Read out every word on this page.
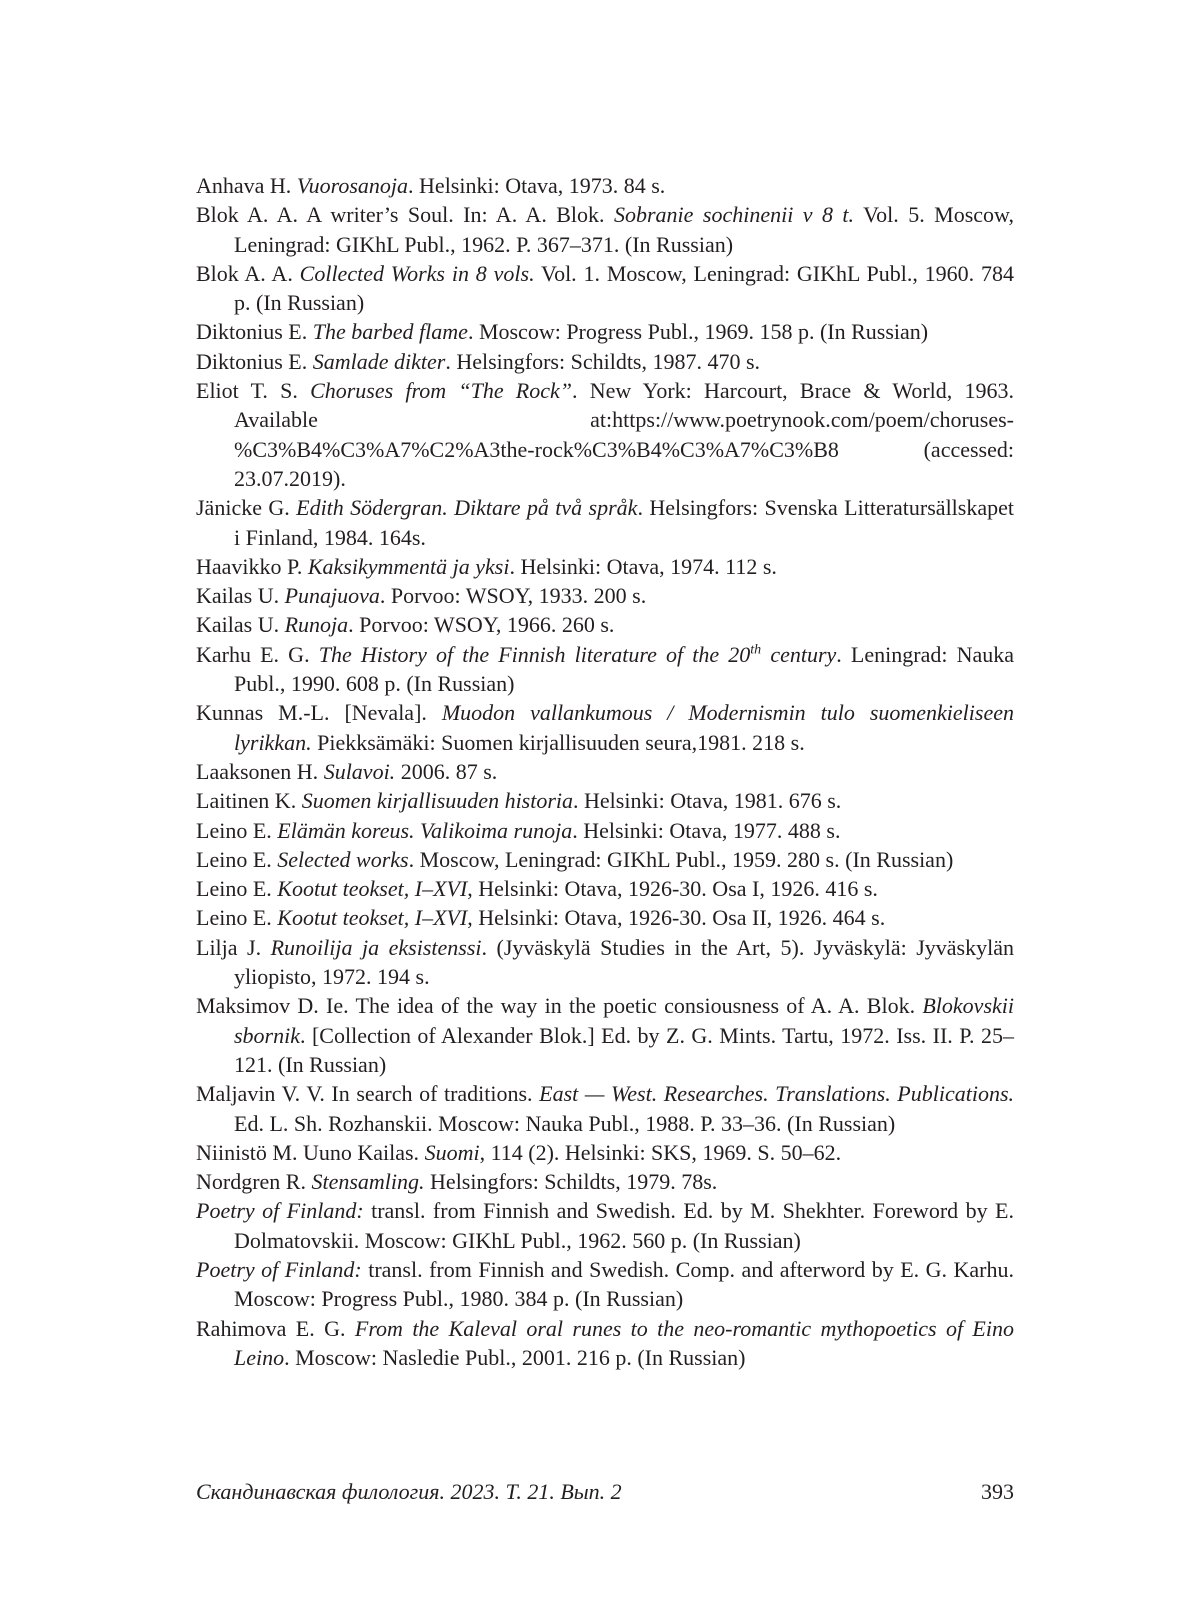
Anhava H. Vuorosanoja. Helsinki: Otava, 1973. 84 s.
Blok A. A. A writer’s Soul. In: A. A. Blok. Sobranie sochinenii v 8 t. Vol. 5. Moscow, Leningrad: GIKhL Publ., 1962. P. 367–371. (In Russian)
Blok A. A. Collected Works in 8 vols. Vol. 1. Moscow, Leningrad: GIKhL Publ., 1960. 784 p. (In Russian)
Diktonius E. The barbed flame. Moscow: Progress Publ., 1969. 158 p. (In Russian)
Diktonius E. Samlade dikter. Helsingfors: Schildts, 1987. 470 s.
Eliot T. S. Choruses from “The Rock”. New York: Harcourt, Brace & World, 1963. Available at:https://www.poetrynook.com/poem/choruses-%C3%B4%C3%A7%C2%A3the-rock%C3%B4%C3%A7%C3%B8 (accessed: 23.07.2019).
Jänicke G. Edith Södergran. Diktare på två språk. Helsingfors: Svenska Litteratursällskapet i Finland, 1984. 164s.
Haavikko P. Kaksikymmentä ja yksi. Helsinki: Otava, 1974. 112 s.
Kailas U. Punajuova. Porvoo: WSOY, 1933. 200 s.
Kailas U. Runoja. Porvoo: WSOY, 1966. 260 s.
Karhu E. G. The History of the Finnish literature of the 20th century. Leningrad: Nauka Publ., 1990. 608 p. (In Russian)
Kunnas M.-L. [Nevala]. Muodon vallankumous / Modernismin tulo suomenkieliseen lyrikkan. Piekksämäki: Suomen kirjallisuuden seura,1981. 218 s.
Laaksonen H. Sulavoi. 2006. 87 s.
Laitinen K. Suomen kirjallisuuden historia. Helsinki: Otava, 1981. 676 s.
Leino E. Elämän koreus. Valikoima runoja. Helsinki: Otava, 1977. 488 s.
Leino E. Selected works. Moscow, Leningrad: GIKhL Publ., 1959. 280 s. (In Russian)
Leino E. Kootut teokset, I–XVI, Helsinki: Otava, 1926-30. Osa I, 1926. 416 s.
Leino E. Kootut teokset, I–XVI, Helsinki: Otava, 1926-30. Osa II, 1926. 464 s.
Lilja J. Runoilija ja eksistenssi. (Jyväskylä Studies in the Art, 5). Jyväskylä: Jyväskylän yliopisto, 1972. 194 s.
Maksimov D. Ie. The idea of the way in the poetic consiousness of A. A. Blok. Blokovskii sbornik. [Collection of Alexander Blok.] Ed. by Z. G. Mints. Tartu, 1972. Iss. II. P. 25–121. (In Russian)
Maljavin V. V. In search of traditions. East — West. Researches. Translations. Publications. Ed. L. Sh. Rozhanskii. Moscow: Nauka Publ., 1988. P. 33–36. (In Russian)
Niinistö M. Uuno Kailas. Suomi, 114 (2). Helsinki: SKS, 1969. S. 50–62.
Nordgren R. Stensamling. Helsingfors: Schildts, 1979. 78s.
Poetry of Finland: transl. from Finnish and Swedish. Ed. by M. Shekhter. Foreword by E. Dolmatovskii. Moscow: GIKhL Publ., 1962. 560 p. (In Russian)
Poetry of Finland: transl. from Finnish and Swedish. Comp. and afterword by E. G. Karhu. Moscow: Progress Publ., 1980. 384 p. (In Russian)
Rahimova E. G. From the Kaleval oral runes to the neo-romantic mythopoetics of Eino Leino. Moscow: Nasledie Publ., 2001. 216 p. (In Russian)
Скандинавская филология. 2023. Т. 21. Вып. 2	393
